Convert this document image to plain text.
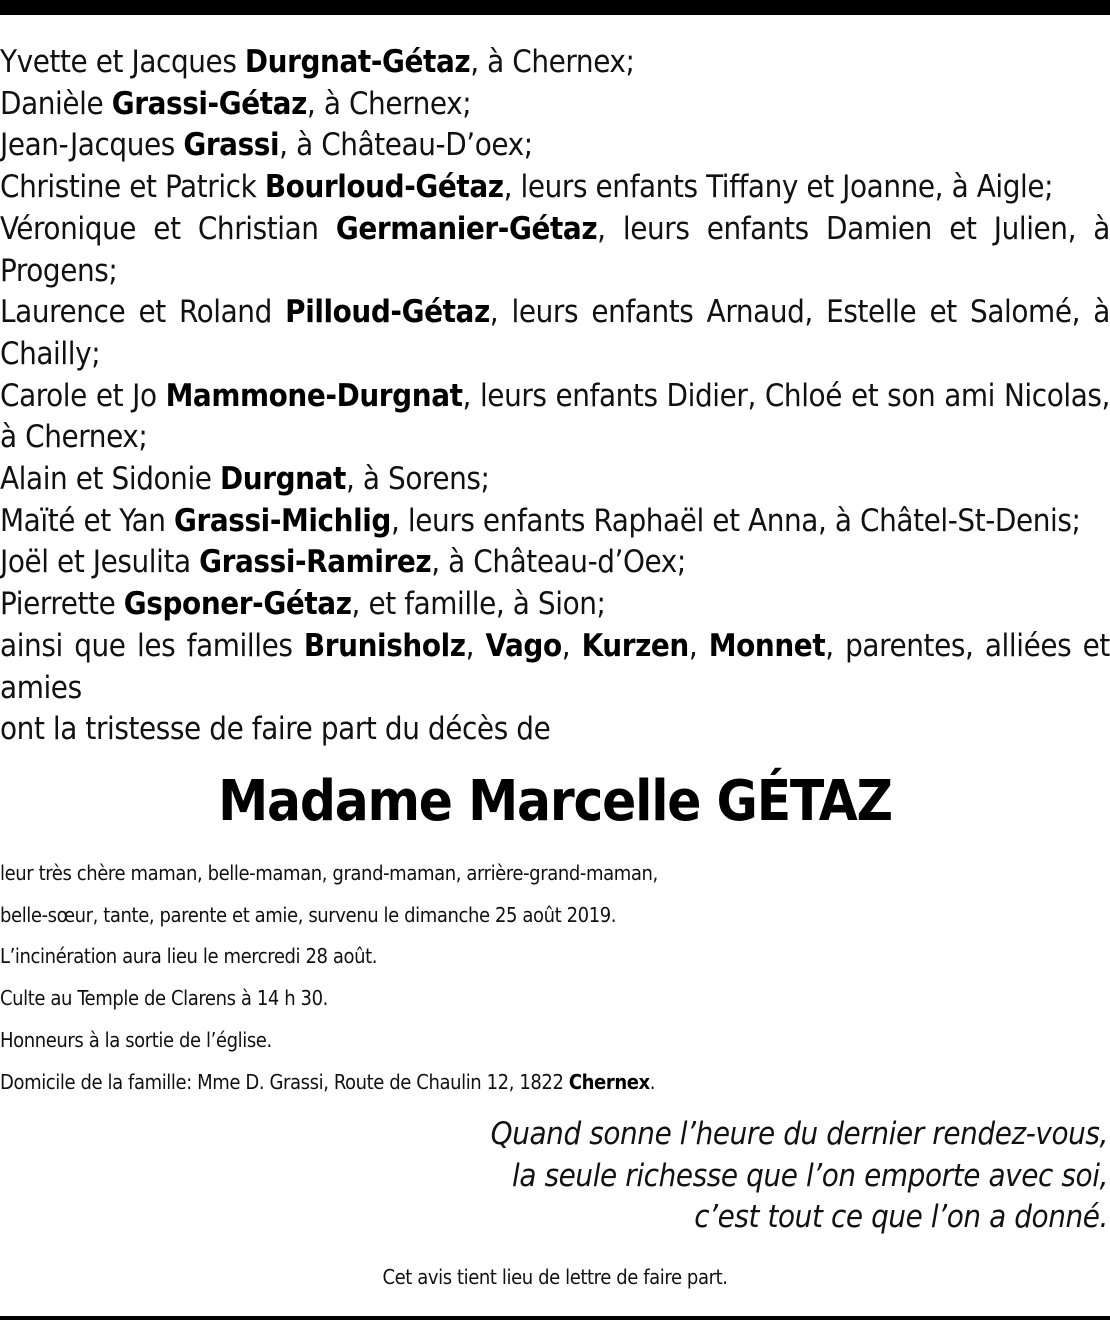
Yvette et Jacques Durgnat-Gétaz, à Chernex;
Danièle Grassi-Gétaz, à Chernex;
Jean-Jacques Grassi, à Château-D’oex;
Christine et Patrick Bourloud-Gétaz, leurs enfants Tiffany et Joanne, à Aigle;
Véronique et Christian Germanier-Gétaz, leurs enfants Damien et Julien, à Progens;
Laurence et Roland Pilloud-Gétaz, leurs enfants Arnaud, Estelle et Salomé, à Chailly;
Carole et Jo Mammone-Durgnat, leurs enfants Didier, Chloé et son ami Nicolas, à Chernex;
Alain et Sidonie Durgnat, à Sorens;
Maïté et Yan Grassi-Michlig, leurs enfants Raphaël et Anna, à Châtel-St-Denis;
Joël et Jesulita Grassi-Ramirez, à Château-d’Oex;
Pierrette Gsponer-Gétaz, et famille, à Sion;
ainsi que les familles Brunisholz, Vago, Kurzen, Monnet, parentes, alliées et amies
ont la tristesse de faire part du décès de
Madame Marcelle GÉTAZ
leur très chère maman, belle-maman, grand-maman, arrière-grand-maman,
belle-sœur, tante, parente et amie, survenu le dimanche 25 août 2019.
L’incinération aura lieu le mercredi 28 août.
Culte au Temple de Clarens à 14 h 30.
Honneurs à la sortie de l’église.
Domicile de la famille: Mme D. Grassi, Route de Chaulin 12, 1822 Chernex.
Quand sonne l’heure du dernier rendez-vous,
la seule richesse que l’on emporte avec soi,
c’est tout ce que l’on a donné.
Cet avis tient lieu de lettre de faire part.
